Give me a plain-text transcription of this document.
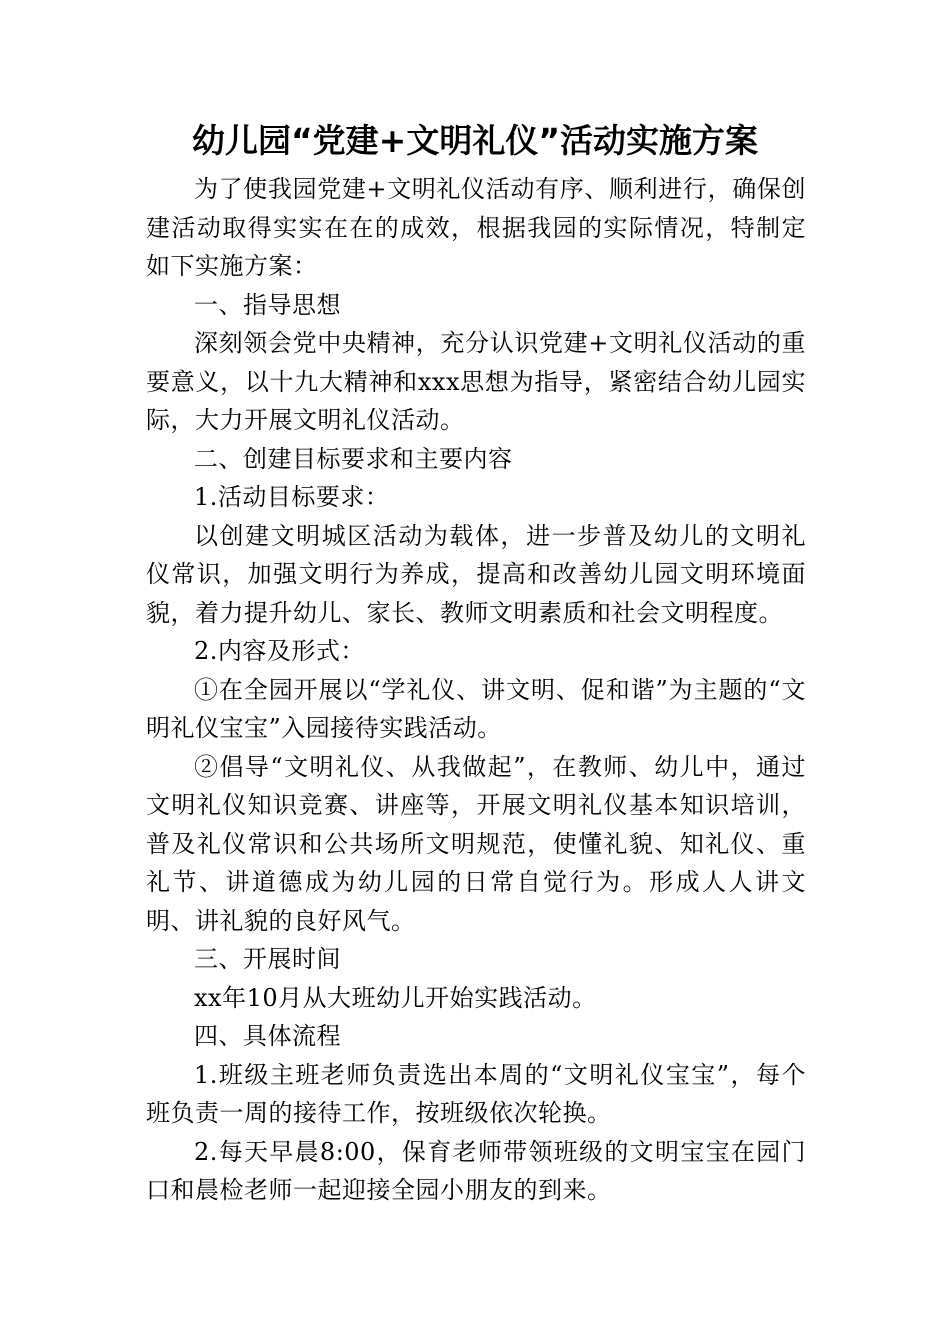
幼儿园“党建+文明礼仪”活动实施方案

为了使我园党建+文明礼仪活动有序、顺利进行，确保创建活动取得实实在在的成效，根据我园的实际情况，特制定如下实施方案：

一、指导思想

深刻领会党中央精神，充分认识党建+文明礼仪活动的重要意义，以十九大精神和xxx思想为指导，紧密结合幼儿园实际，大力开展文明礼仪活动。

二、创建目标要求和主要内容

1.活动目标要求：

以创建文明城区活动为载体，进一步普及幼儿的文明礼仪常识，加强文明行为养成，提高和改善幼儿园文明环境面貌，着力提升幼儿、家长、教师文明素质和社会文明程度。

2.内容及形式：

①在全园开展以“学礼仪、讲文明、促和谐”为主题的“文明礼仪宝宝”入园接待实践活动。

②倡导“文明礼仪、从我做起”，在教师、幼儿中，通过文明礼仪知识竞赛、讲座等，开展文明礼仪基本知识培训，普及礼仪常识和公共场所文明规范，使懂礼貌、知礼仪、重礼节、讲道德成为幼儿园的日常自觉行为。形成人人讲文明、讲礼貌的良好风气。

三、开展时间

xx年10月从大班幼儿开始实践活动。

四、具体流程

1.班级主班老师负责选出本周的“文明礼仪宝宝”，每个班负责一周的接待工作，按班级依次轮换。

2.每天早晨8:00，保育老师带领班级的文明宝宝在园门口和晨检老师一起迎接全园小朋友的到来。
